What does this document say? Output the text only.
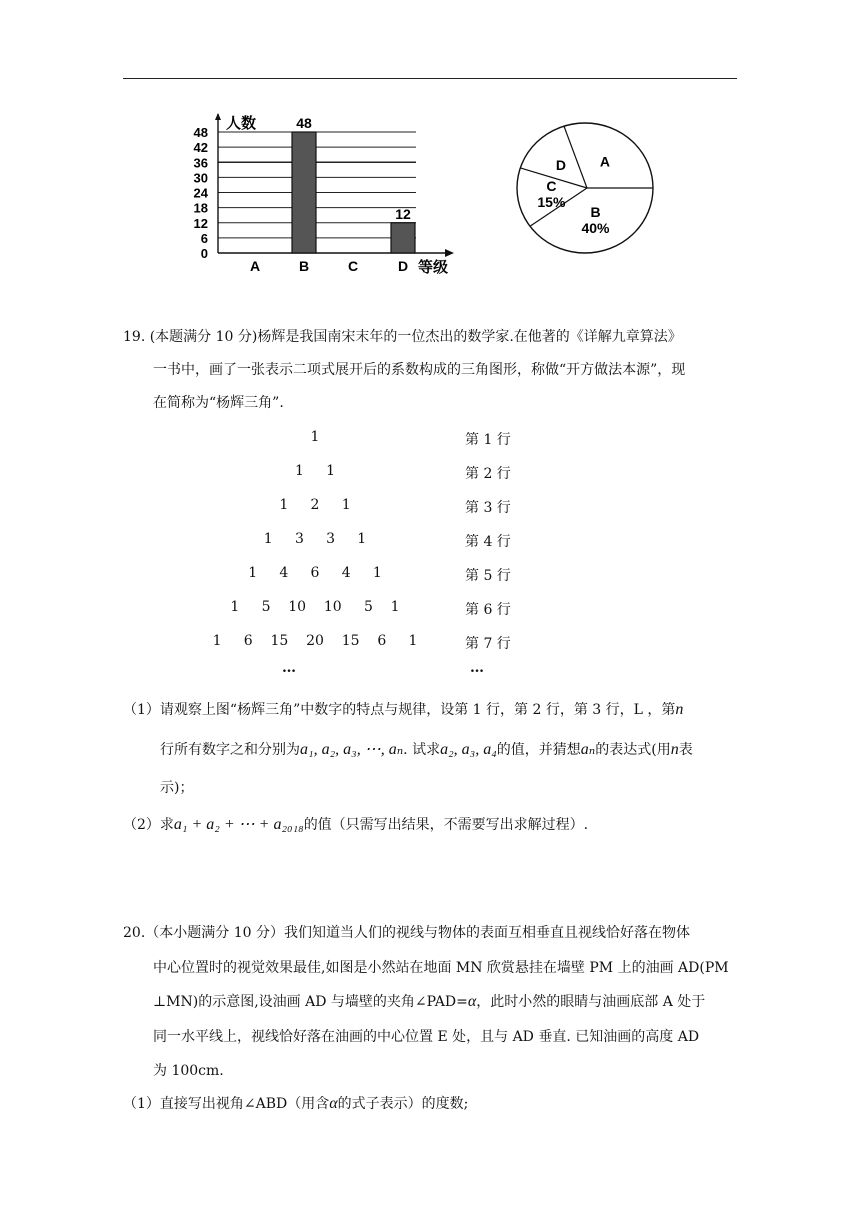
48
12
0
6
12
18
24
30
36
42
48
A	B	C	D
人数
等级
A
B
40%
C
15%
D
19. (本题满分 10 分)杨辉是我国南宋末年的一位杰出的数学家.在他著的《详解九章算法》
一书中，画了一张表示二项式展开后的系数构成的三角图形，称做“开方做法本源”，现
在简称为“杨辉三角”.
1	第 1 行
1     1	第 2 行
1     2     1	第 3 行
1     3     3     1	第 4 行
1     4     6     4     1	第 5 行
1     5    10    10     5    1	第 6 行
1     6    15    20    15    6     1	第 7 行
…	…
（1）请观察上图“杨辉三角”中数字的特点与规律，设第 1 行，第 2 行，第 3 行，L ，第n
行所有数字之和分别为a₁, a₂, a₃, ⋯, aₙ. 试求a₂, a₃, a₄的值，并猜想aₙ的表达式(用n表
示)；
（2）求a₁ + a₂ + ⋯ + a₂₀₁₈的值（只需写出结果，不需要写出求解过程）.
20.（本小题满分 10 分）我们知道当人们的视线与物体的表面互相垂直且视线恰好落在物体
中心位置时的视觉效果最佳,如图是小然站在地面 MN 欣赏悬挂在墙壁 PM 上的油画 AD(PM
⊥MN)的示意图,设油画 AD 与墙壁的夹角∠PAD=α，此时小然的眼睛与油画底部 A 处于
同一水平线上，视线恰好落在油画的中心位置 E 处，且与 AD 垂直. 已知油画的高度 AD
为 100cm.
（1）直接写出视角∠ABD（用含α的式子表示）的度数;
